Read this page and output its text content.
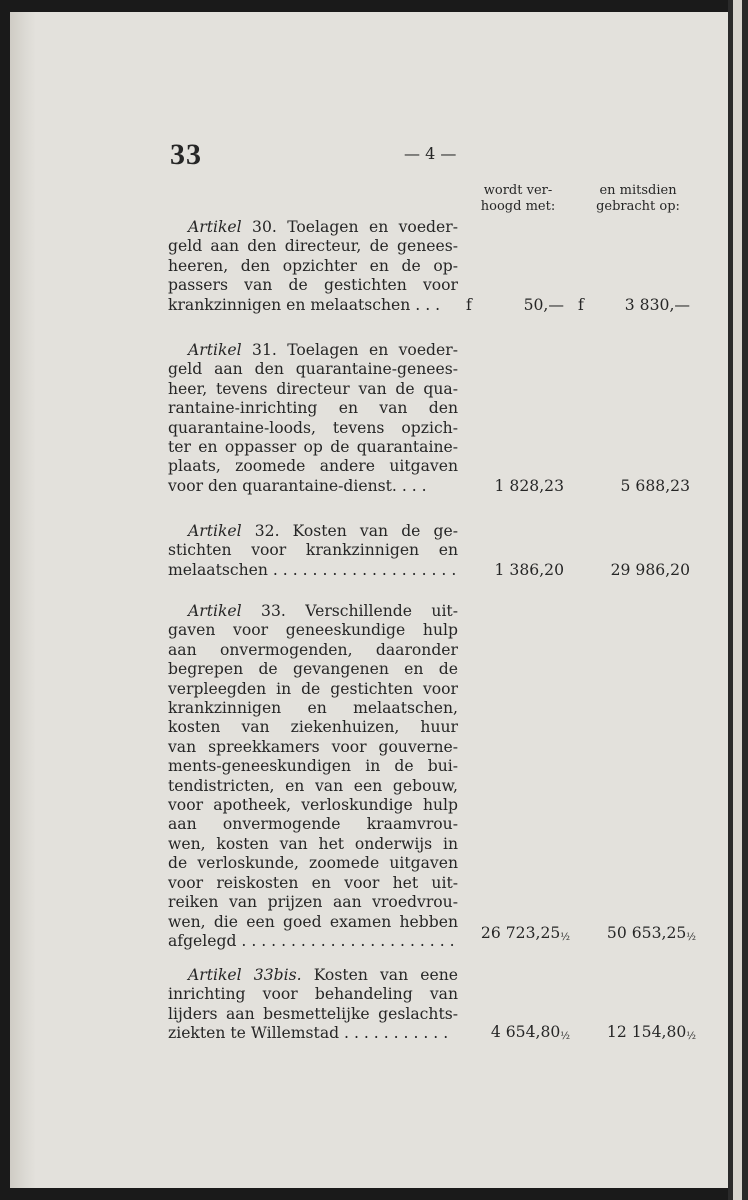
33	— 4 —
wordt ver-
hoogd met:
en mitsdien
gebracht op:
Artikel 30. Toelagen en voeder-
geld aan den directeur, de genees-
heeren, den opzichter en de op-
passers van de gestichten voor
krankzinnigen en melaatschen . . .	f	50,— f	3 830,—
Artikel 31. Toelagen en voeder-
geld aan den quarantaine-genees-
heer, tevens directeur van de qua-
rantaine-inrichting en van den
quarantaine-loods, tevens opzich-
ter en oppasser op de quarantaine-
plaats, zoomede andere uitgaven
voor den quarantaine-dienst. . . .	1 828,23	5 688,23
Artikel 32. Kosten van de ge-
stichten voor krankzinnigen en
melaatschen . . . . . . . . . . . . . . . . . . .	1 386,20	29 986,20
Artikel 33. Verschillende uit-
gaven voor geneeskundige hulp
aan onvermogenden, daaronder
begrepen de gevangenen en de
verpleegden in de gestichten voor
krankzinnigen en melaatschen,
kosten van ziekenhuizen, huur
van spreekkamers voor gouverne-
ments-geneeskundigen in de bui-
tendistricten, en van een gebouw,
voor apotheek, verloskundige hulp
aan onvermogende kraamvrou-
wen, kosten van het onderwijs in
de verloskunde, zoomede uitgaven
voor reiskosten en voor het uit-
reiken van prijzen aan vroedvrou-
wen, die een goed examen hebben
afgelegd . . . . . . . . . . . . . . . . . . . . . .	26 723,25½	50 653,25½
Artikel 33bis. Kosten van eene
inrichting voor behandeling van
lijders aan besmettelijke geslachts-
ziekten te Willemstad . . . . . . . . . . .	4 654,80½	12 154,80½
